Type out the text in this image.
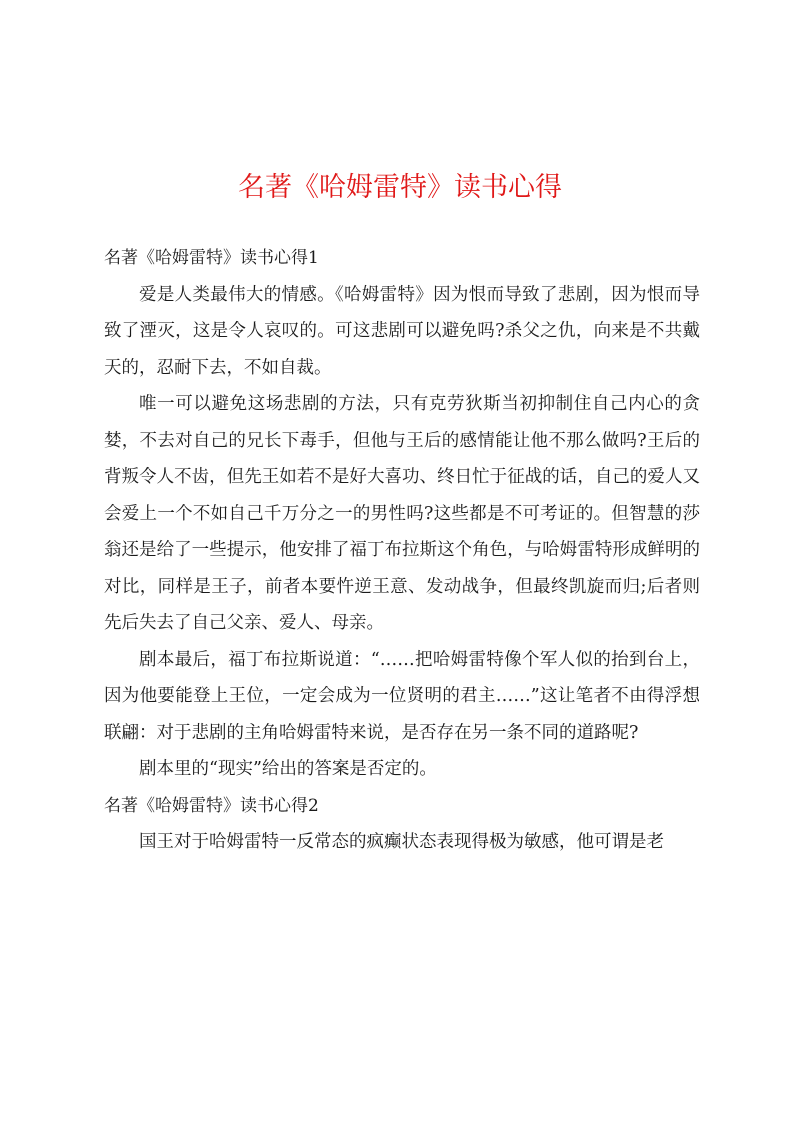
名著《哈姆雷特》读书心得

名著《哈姆雷特》读书心得1

爱是人类最伟大的情感。《哈姆雷特》因为恨而导致了悲剧，因为恨而导致了湮灭，这是令人哀叹的。可这悲剧可以避免吗?杀父之仇，向来是不共戴天的，忍耐下去，不如自裁。

唯一可以避免这场悲剧的方法，只有克劳狄斯当初抑制住自己内心的贪婪，不去对自己的兄长下毒手，但他与王后的感情能让他不那么做吗?王后的背叛令人不齿，但先王如若不是好大喜功、终日忙于征战的话，自己的爱人又会爱上一个不如自己千万分之一的男性吗?这些都是不可考证的。但智慧的莎翁还是给了一些提示，他安排了福丁布拉斯这个角色，与哈姆雷特形成鲜明的对比，同样是王子，前者本要忤逆王意、发动战争，但最终凯旋而归;后者则先后失去了自己父亲、爱人、母亲。

剧本最后，福丁布拉斯说道：“……把哈姆雷特像个军人似的抬到台上，因为他要能登上王位，一定会成为一位贤明的君主……”这让笔者不由得浮想联翩：对于悲剧的主角哈姆雷特来说，是否存在另一条不同的道路呢?

剧本里的“现实”给出的答案是否定的。

名著《哈姆雷特》读书心得2

国王对于哈姆雷特一反常态的疯癫状态表现得极为敏感，他可谓是老
